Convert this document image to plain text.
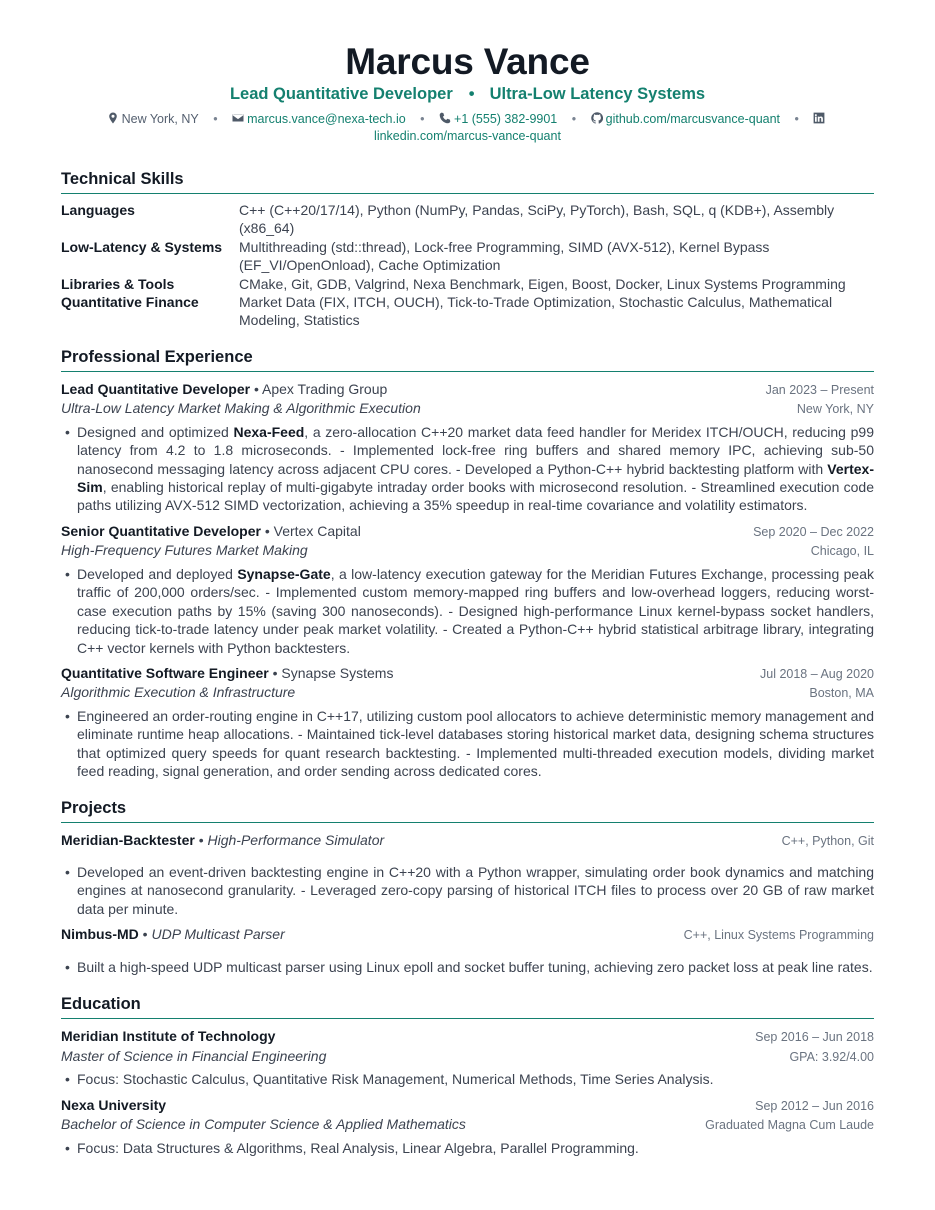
Marcus Vance
Lead Quantitative Developer • Ultra-Low Latency Systems
New York, NY • marcus.vance@nexa-tech.io • +1 (555) 382-9901 • github.com/marcusvance-quant •
linkedin.com/marcus-vance-quant
Technical Skills
Languages	C++ (C++20/17/14), Python (NumPy, Pandas, SciPy, PyTorch), Bash, SQL, q (KDB+), Assembly (x86_64)
Low-Latency & Systems	Multithreading (std::thread), Lock-free Programming, SIMD (AVX-512), Kernel Bypass (EF_VI/OpenOnload), Cache Optimization
Libraries & Tools	CMake, Git, GDB, Valgrind, Nexa Benchmark, Eigen, Boost, Docker, Linux Systems Programming
Quantitative Finance	Market Data (FIX, ITCH, OUCH), Tick-to-Trade Optimization, Stochastic Calculus, Mathematical Modeling, Statistics
Professional Experience
Lead Quantitative Developer • Apex Trading Group	Jan 2023 – Present
Ultra-Low Latency Market Making & Algorithmic Execution	New York, NY
• Designed and optimized Nexa-Feed, a zero-allocation C++20 market data feed handler for Meridex ITCH/OUCH, reducing p99 latency from 4.2 to 1.8 microseconds. - Implemented lock-free ring buffers and shared memory IPC, achieving sub-50 nanosecond messaging latency across adjacent CPU cores. - Developed a Python-C++ hybrid backtesting platform with Vertex-Sim, enabling historical replay of multi-gigabyte intraday order books with microsecond resolution. - Streamlined execution code paths utilizing AVX-512 SIMD vectorization, achieving a 35% speedup in real-time covariance and volatility estimators.
Senior Quantitative Developer • Vertex Capital	Sep 2020 – Dec 2022
High-Frequency Futures Market Making	Chicago, IL
• Developed and deployed Synapse-Gate, a low-latency execution gateway for the Meridian Futures Exchange, processing peak traffic of 200,000 orders/sec. - Implemented custom memory-mapped ring buffers and low-overhead loggers, reducing worst-case execution paths by 15% (saving 300 nanoseconds). - Designed high-performance Linux kernel-bypass socket handlers, reducing tick-to-trade latency under peak market volatility. - Created a Python-C++ hybrid statistical arbitrage library, integrating C++ vector kernels with Python backtesters.
Quantitative Software Engineer • Synapse Systems	Jul 2018 – Aug 2020
Algorithmic Execution & Infrastructure	Boston, MA
• Engineered an order-routing engine in C++17, utilizing custom pool allocators to achieve deterministic memory management and eliminate runtime heap allocations. - Maintained tick-level databases storing historical market data, designing schema structures that optimized query speeds for quant research backtesting. - Implemented multi-threaded execution models, dividing market feed reading, signal generation, and order sending across dedicated cores.
Projects
Meridian-Backtester • High-Performance Simulator	C++, Python, Git
• Developed an event-driven backtesting engine in C++20 with a Python wrapper, simulating order book dynamics and matching engines at nanosecond granularity. - Leveraged zero-copy parsing of historical ITCH files to process over 20 GB of raw market data per minute.
Nimbus-MD • UDP Multicast Parser	C++, Linux Systems Programming
• Built a high-speed UDP multicast parser using Linux epoll and socket buffer tuning, achieving zero packet loss at peak line rates.
Education
Meridian Institute of Technology	Sep 2016 – Jun 2018
Master of Science in Financial Engineering	GPA: 3.92/4.00
• Focus: Stochastic Calculus, Quantitative Risk Management, Numerical Methods, Time Series Analysis.
Nexa University	Sep 2012 – Jun 2016
Bachelor of Science in Computer Science & Applied Mathematics	Graduated Magna Cum Laude
• Focus: Data Structures & Algorithms, Real Analysis, Linear Algebra, Parallel Programming.
